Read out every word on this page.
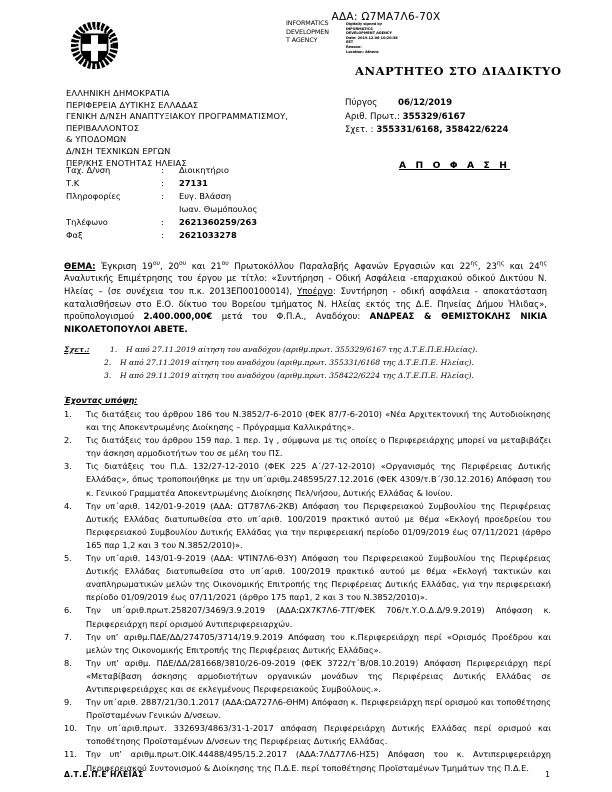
ΑΔΑ: Ω7ΜΑ7Λ6-70Χ
INFORMATICS
DEVELOPMEN
T AGENCY
Digitally signed by
INFORMATICS
DEVELOPMENT AGENCY
Date: 2019.12.06 10:20:38
EET
Reason:
Location: Athens
ΑΝΑΡΤΗΤΕΟ ΣΤΟ ΔΙΑΔΙΚΤΥΟ
ΕΛΛΗΝΙΚΗ ΔΗΜΟΚΡΑΤΙΑ
ΠΕΡΙΦΕΡΕΙΑ ΔΥΤΙΚΗΣ ΕΛΛΑΔΑΣ
ΓΕΝΙΚΗ Δ/ΝΣΗ ΑΝΑΠΤΥΞΙΑΚΟΥ ΠΡΟΓΡΑΜΜΑΤΙΣΜΟΥ,
ΠΕΡΙΒΑΛΛΟΝΤΟΣ
& ΥΠΟΔΟΜΩΝ
Δ/ΝΣΗ ΤΕΧΝΙΚΩΝ ΕΡΓΩΝ
ΠΕΡ/ΚΗΣ ΕΝΟΤΗΤΑΣ ΗΛΕΙΑΣ
Πύργος 06/12/2019
Αριθ. Πρωτ.: 355329/6167
Σχετ. : 355331/6168, 358422/6224
Ταχ. Δ/νση	:	Διοικητήριο
Τ.Κ	:	27131
Πληροφορίες	:	Ευγ. Βλάσση
		Ιωαν. Θωμόπουλος
Τηλέφωνο	:	2621360259/263
Φαξ	:	2621033278
Α Π Ο Φ Α Σ Η
ΘΕΜΑ: Έγκριση $19^{o\upsilon}$, $20^{o\upsilon}$ και $21^{o\upsilon}$ Πρωτοκόλλου Παραλαβής Αφανών Εργασιών και $22^{\eta\varsigma}$, $23^{\eta\varsigma}$ και $24^{\eta\varsigma}$ Αναλυτικής Επιμέτρησης του έργου με τίτλο: «Συντήρηση - Οδική Ασφάλεια -επαρχιακού οδικού Δικτύου Ν. Ηλείας – (σε συνέχεια του π.κ. 2013ΕΠ00100014), Υποέργο: Συντήρηση - οδική ασφάλεια - αποκατάσταση καταλισθήσεων στο Ε.Ο. δίκτυο του Βορείου τμήματος Ν. Ηλείας εκτός της Δ.Ε. Πηνείας Δήμου Ήλιδας», προϋπολογισμού 2.400.000,00€ μετά του Φ.Π.Α., Αναδόχου: ΑΝΔΡΕΑΣ & ΘΕΜΙΣΤΟΚΛΗΣ ΝΙΚΙΑ ΝΙΚΟΛΕΤΟΠΟΥΛΟΙ ΑΒΕΤΕ.
Σχετ.:	1. Η από 27.11.2019 αίτηση του αναδόχου (αριθμ.πρωτ. 355329/6167 της Δ.Τ.Ε.Π.Ε.Ηλείας).
2. Η από 27.11.2019 αίτηση του αναδόχου (αριθμ.πρωτ. 355331/6168 της Δ.Τ.Ε.Π.Ε. Ηλείας).
3. Η από 29.11.2019 αίτηση του αναδόχου (αριθμ.πρωτ. 358422/6224 της Δ.Τ.Ε.Π.Ε. Ηλείας).
Έχοντας υπόψη:
1.	Τις διατάξεις του άρθρου 186 του Ν.3852/7-6-2010 (ΦΕΚ 87/7-6-2010) «Νέα Αρχιτεκτονική της Αυτοδιοίκησης και της Αποκεντρωμένης Διοίκησης – Πρόγραμμα Καλλικράτης».
2.	Τις διατάξεις του άρθρου 159 παρ. 1 περ. 1γ , σύμφωνα με τις οποίες ο Περιφερειάρχης μπορεί να μεταβιβάζει την άσκηση αρμοδιοτήτων του σε μέλη του ΠΣ.
3.	Τις διατάξεις του Π.Δ. 132/27-12-2010 (ΦΕΚ 225 Α΄/27-12-2010) «Οργανισμός της Περιφέρειας Δυτικής Ελλάδας», όπως τροποποιήθηκε με την υπ΄αριθμ.248595/27.12.2016 (ΦΕΚ 4309/τ.Β΄/30.12.2016) Απόφαση του κ. Γενικού Γραμματέα Αποκεντρωμένης Διοίκησης Πελ/νήσου, Δυτικής Ελλάδας & Ιονίου.
4.	Την υπ΄αριθ. 142/01-9-2019 (ΑΔΑ: ΩΤ787Λ6-2ΚΒ) Απόφαση του Περιφερειακού Συμβουλίου της Περιφέρειας Δυτικής Ελλάδας διατυπωθείσα στο υπ΄αριθ. 100/2019 πρακτικό αυτού με θέμα «Εκλογή προεδρείου του Περιφερειακού Συμβουλίου Δυτικής Ελλάδας για την περιφερειακή περίοδο 01/09/2019 έως 07/11/2021 (άρθρο 165 παρ 1,2 και 3 του Ν.3852/2010)».
5.	Την υπ΄αριθ. 143/01-9-2019 (ΑΔΑ: ΨΤΙΝ7Λ6-Θ3Υ) Απόφαση του Περιφερειακού Συμβουλίου της Περιφέρειας Δυτικής Ελλάδας διατυπωθείσα στο υπ΄αριθ. 100/2019 πρακτικό αυτού με θέμα «Εκλογή τακτικών και αναπληρωματικών μελών της Οικονομικής Επιτροπής της Περιφέρειας Δυτικής Ελλάδας, για την περιφερειακή περίοδο 01/09/2019 έως 07/11/2021 (άρθρο 175 παρ1, 2 και 3 του Ν.3852/2010)».
6.	Την υπ΄αριθ.πρωτ.258207/3469/3.9.2019 (ΑΔΑ:ΩΧ7Κ7Λ6-7ΤΓ/ΦΕΚ 706/τ.Υ.Ο.Δ.Δ/9.9.2019) Απόφαση κ. Περιφερειάρχη περί ορισμού Αντιπεριφερειαρχών.
7.	Την υπ’ αριθμ.ΠΔΕ/ΔΔ/274705/3714/19.9.2019 Απόφαση του κ.Περιφερειάρχη περί «Ορισμός Προέδρου και μελών της Οικονομικής Επιτροπής της Περιφέρειας Δυτικής Ελλάδας».
8.	Την υπ’ αριθμ. ΠΔΕ/ΔΔ/281668/3810/26-09-2019 (ΦΕΚ 3722/τ΄Β/08.10.2019) Απόφαση Περιφερειάρχη περί «Μεταβίβαση άσκησης αρμοδιοτήτων οργανικών μονάδων της Περιφέρειας Δυτικής Ελλάδας σε Αντιπεριφερειάρχες και σε εκλεγμένους Περιφερειακούς Συμβούλους.».
9.	Την υπ΄αριθ. 2887/21/30.1.2017 (ΑΔΑ:ΩΑ727Λ6-ΘΗΜ) Απόφαση κ. Περιφερειάρχη περί ορισμού και τοποθέτησης Προϊσταμένων Γενικών Δ/νσεων.
10.	Την υπ΄αριθ.πρωτ. 332693/4863/31-1-2017 απόφαση Περιφερειάρχη Δυτικής Ελλάδας περί ορισμού και τοποθέτησης Προϊσταμένων Δ/νσεων της Περιφέρειας Δυτικής Ελλάδας.
11.	Την υπ’ αριθμ.πρωτ.ΟΙΚ.44488/495/15.2.2017 (ΑΔΑ:7ΛΔ77Λ6-ΗΣ5) Απόφαση του κ. Αντιπεριφερειάρχη Περιφερειακού Συντονισμού & Διοίκησης της Π.Δ.Ε. περί τοποθέτησης Προϊσταμένων Τμημάτων της Π.Δ.Ε.
Δ.Τ.Ε.Π.Ε ΗΛΕΙΑΣ	1
